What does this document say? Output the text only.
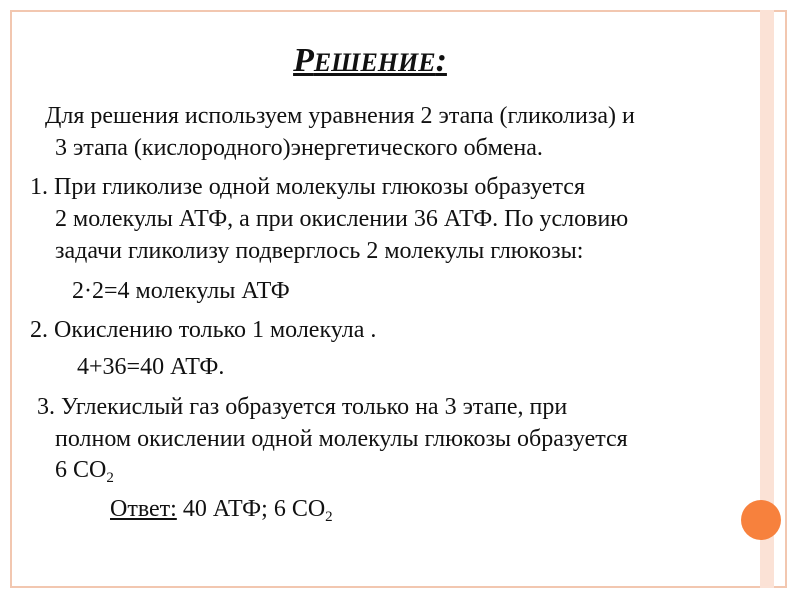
РЕШЕНИЕ:

Для решения используем уравнения 2 этапа (гликолиза) и

3 этапа (кислородного)энергетического обмена.

1. При гликолизе одной молекулы глюкозы образуется

2 молекулы АТФ, а при окислении 36 АТФ. По условию

задачи гликолизу подверглось 2 молекулы глюкозы:

2·2=4 молекулы АТФ

2. Окислению только 1 молекула .

4+36=40 АТФ.

3. Углекислый газ образуется только на 3 этапе, при

полном окислении одной молекулы глюкозы образуется

6 $СО_2$

Ответ: 40 АТФ; 6 $СО_2$
